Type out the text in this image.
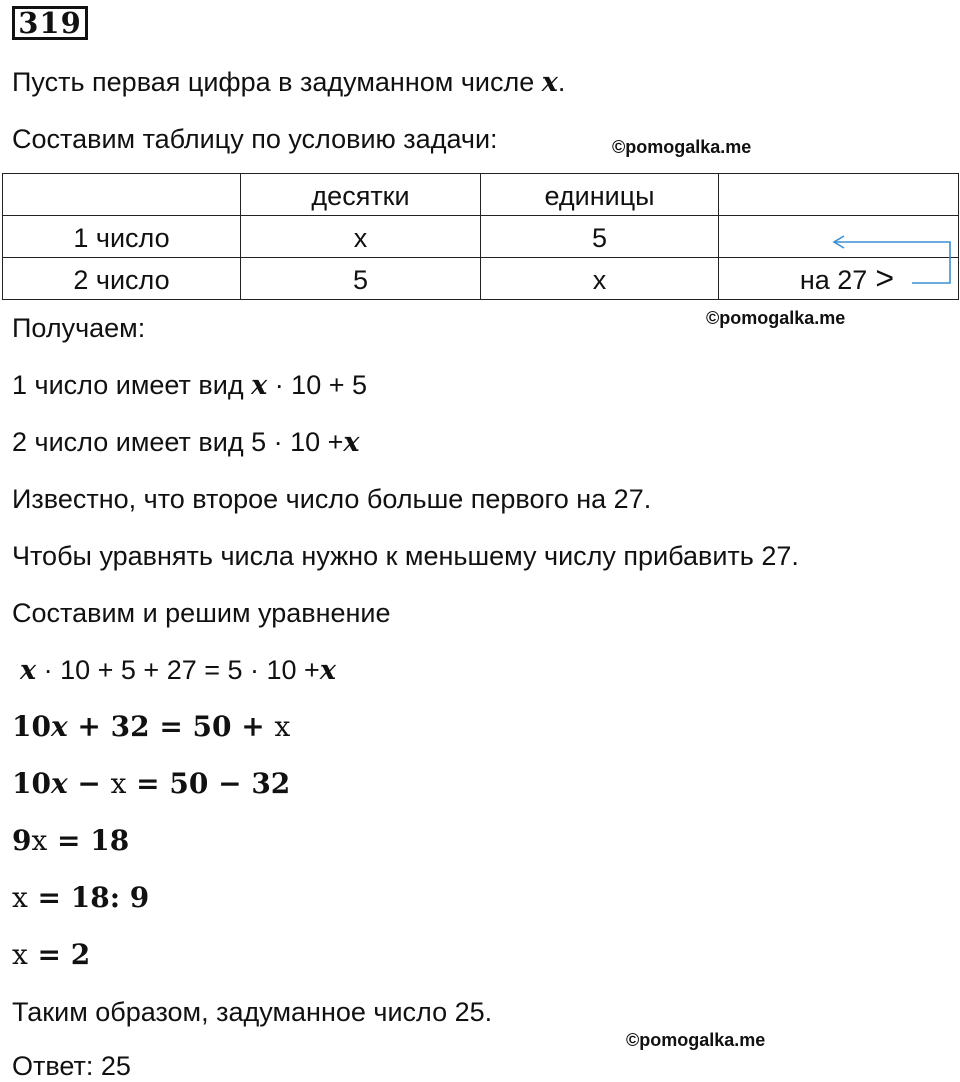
319
Пусть первая цифра в задуманном числе x.
Составим таблицу по условию задачи:	©pomogalka.me
	десятки	единицы	
1 число	x	5	
2 число	5	x	на 27 >
©pomogalka.me
Получаем:
1 число имеет вид x · 10 + 5
2 число имеет вид 5 · 10 +x
Известно, что второе число больше первого на 27.
Чтобы уравнять числа нужно к меньшему числу прибавить 27.
Составим и решим уравнение
x · 10 + 5 + 27 = 5 · 10 +x
10x + 32 = 50 + x
10x − x = 50 − 32
9x = 18
x = 18: 9
x = 2
Таким образом, задуманное число 25.
©pomogalka.me
Ответ: 25
